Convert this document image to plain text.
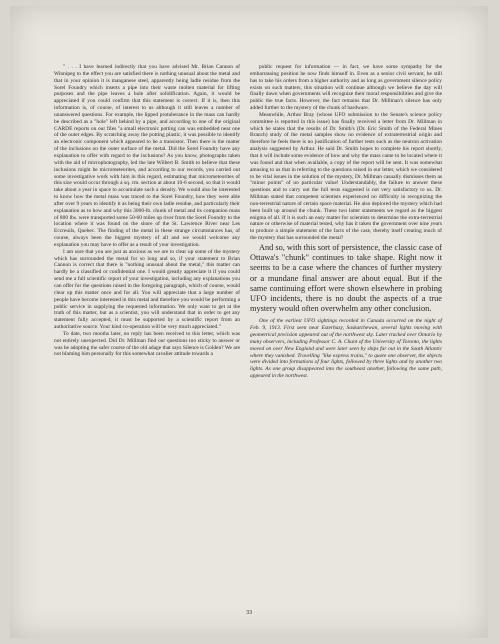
" . . . I have learned indirectly that you have advised Mr. Brian Cannon of Winnipeg to the effect you are satisfied there is nothing unusual about the metal and that in your opinion it is manganese steel, apparently being ladle residue from the Sorel Foundry which inserts a pipe into their waste molten material for lifting purposes and the pipe leaves a hole after solidification. Again, it would be appreciated if you could confirm that this statement is correct. If it is, then this information is, of course, of interest to us although it still leaves a number of unanswered questions. For example, the lipped protuberance in the mass can hardly be described as a "hole" left behind by a pipe, and according to one of the original CARDE reports on our files "a small electronic potting can was embedded near one of the outer edges. By scratching away the potting plastic, it was possible to identify an electronic component which appeared to be a transistor. Then there is the matter of the inclusions on the outer surface of the metal. Did the Sorel Foundry have any explanation to offer with regard to the inclusions? As you know, photographs taken with the aid of microphotography, led the late Wilbert B. Smith to believe that these inclusions might be micrometeorites, and according to our records, you carried out some investigative work with him in this regard, estimating that micrometeorites of this size would occur through a sq. cm. section at about 10-6 second, so that it would take about a year in space to accumulate such a density. We would also be interested to know how the metal mass was traced to the Sorel Foundry, how they were able after over 9 years to identify it as being their own ladle residue, and particularly their explanation as to how and why this 3000-lb. chunk of metal and its companion mass of 800 lbs. were transported some 50-60 miles up river from the Sorel Foundry to the location where it was found on the shore of the St. Lawrence River near Les Eccreuils, Quebec. The finding of the metal in these strange circumstances has, of course, always been the biggest mystery of all and we would welcome any explanation you may have to offer as a result of your investigation.

I am sure that you are just as anxious as we are to clear up some of the mystery which has surrounded the metal for so long and so, if your statement to Brian Cannon is correct that there is "nothing unusual about the metal," this matter can hardly be a classified or confidential one. I would greatly appreciate it if you could send me a full scientific report of your investigation, including any explanations you can offer for the questions raised in the foregoing paragraph, which of course, would clear up this matter once and for all. You will appreciate that a large number of people have become interested in this metal and therefore you would be performing a public service in supplying the requested information. We only want to get at the truth of this matter, but as a scientist, you will understand that in order to get any statement fully accepted, it must be supported by a scientific report from an authoritative source. Your kind co-operation will be very much appreciated."

To date, two months later, no reply has been received to this letter, which was not entirely unexpected. Did Dr. Millman find our questions too sticky to answer or was he adopting the safer course of the old adage that says Silence is Golden? We are not blaming him personally for this somewhat cavalier attitude towards a

public request for information — in fact, we have some sympathy for the embarrassing position he now finds himself in. Even as a senior civil servant, he still has to take his orders from a higher authority and as long as government silence policy exists on such matters, this situation will continue although we believe the day will finally dawn when governments will recognize their moral responsibilities and give the public the true facts. However, the fact remains that Dr. Millman's silence has only added further to the mystery of the chunk of hardware.

Meanwhile, Arthur Bray (whose UFO submission to the Senate's science policy committee is reported in this issue) has finally received a letter from Dr. Millman in which he states that the results of Dr. Smith's (Dr. Eric Smith of the Federal Mines Branch) study of the metal samples show no evidence of extraterrestrial origin and therefore he feels there is no justification of further tests such as the neutron activation analysis suggested by Arthur. He said Dr. Smith hopes to complete his report shortly, that it will include some evidence of how and why the mass came to be located where it was found and that when available, a copy of the report will be sent. It was somewhat amusing to us that in referring to the questions raised in our letter, which we considered to be vital issues in the solution of the mystery, Dr. Millman casually dismisses them as "minor points" of no particular value! Understandably, the failure to answer these questions and to carry out the full tests suggested is not very satisfactory to us. Dr. Millman stated that competent scientists experienced no difficulty in recognizing the non-terrestrial nature of certain space material. He also deplored the mystery which had been built up around the chunk. These two latter statements we regard as the biggest enigma of all. If it is such an easy matter for scientists to determine the extra-terrestrial nature or otherwise of material tested, why has it taken the government over nine years to produce a simple statement of the facts of the case, thereby itself creating much of the mystery that has surrounded the metal?

And so, with this sort of persistence, the classic case of Ottawa's "chunk" continues to take shape. Right now it seems to be a case where the chances of further mystery or a mundane final answer are about equal. But if the same continuing effort were shown elsewhere in probing UFO incidents, there is no doubt the aspects of a true mystery would often overwhelm any other conclusion.

One of the earliest UFO sightings recorded in Canada occurred on the night of Feb. 9, 1913. First seen near Esterhazy, Saskatchewan, several lights moving with geometrical precision appeared out of the northwest sky. Later tracked over Ontario by many observers, including Professor C. A. Chant of the University of Toronto, the lights moved on over New England and were later seen by ships far out in the South Atlantic where they vanished. Travelling "like express trains," to quote one observer, the objects were divided into formations of four lights, followed by three lights and by another two lights. As one group disappeared into the southeast another, following the same path, appeared in the northwest.

33
